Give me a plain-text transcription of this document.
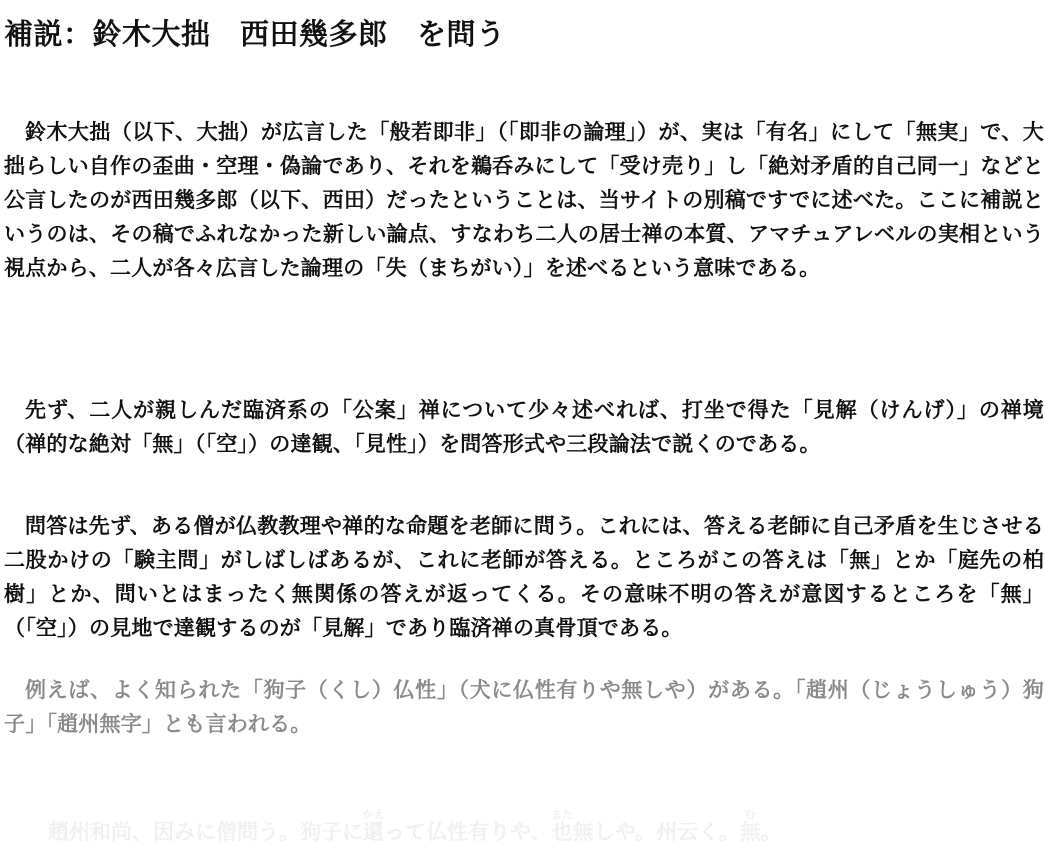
補説：鈴木大拙　西田幾多郎　を問う

鈴木大拙（以下、大拙）が広言した「般若即非」（「即非の論理」）が、実は「有名」にして「無実」で、大拙らしい自作の歪曲・空理・偽論であり、それを鵜呑みにして「受け売り」し「絶対矛盾的自己同一」などと公言したのが西田幾多郎（以下、西田）だったということは、当サイトの別稿ですでに述べた。ここに補説というのは、その稿でふれなかった新しい論点、すなわち二人の居士禅の本質、アマチュアレベルの実相という視点から、二人が各々広言した論理の「失（まちがい）」を述べるという意味である。

先ず、二人が親しんだ臨済系の「公案」禅について少々述べれば、打坐で得た「見解（けんげ）」の禅境（禅的な絶対「無」（「空」）の達観、「見性」）を問答形式や三段論法で説くのである。

問答は先ず、ある僧が仏教教理や禅的な命題を老師に問う。これには、答える老師に自己矛盾を生じさせる二股かけの「験主問」がしばしばあるが、これに老師が答える。ところがこの答えは「無」とか「庭先の柏樹」とか、問いとはまったく無関係の答えが返ってくる。その意味不明の答えが意図するところを「無」（「空」）の見地で達観するのが「見解」であり臨済禅の真骨頂である。

例えば、よく知られた「狗子（くし）仏性」（犬に仏性有りや無しや）がある。「趙州（じょうしゅう）狗子」「趙州無字」とも言われる。

趙州和尚、因みに僧問う。狗子に還かえって仏性有りや、也また無しや。州云く。無む。
